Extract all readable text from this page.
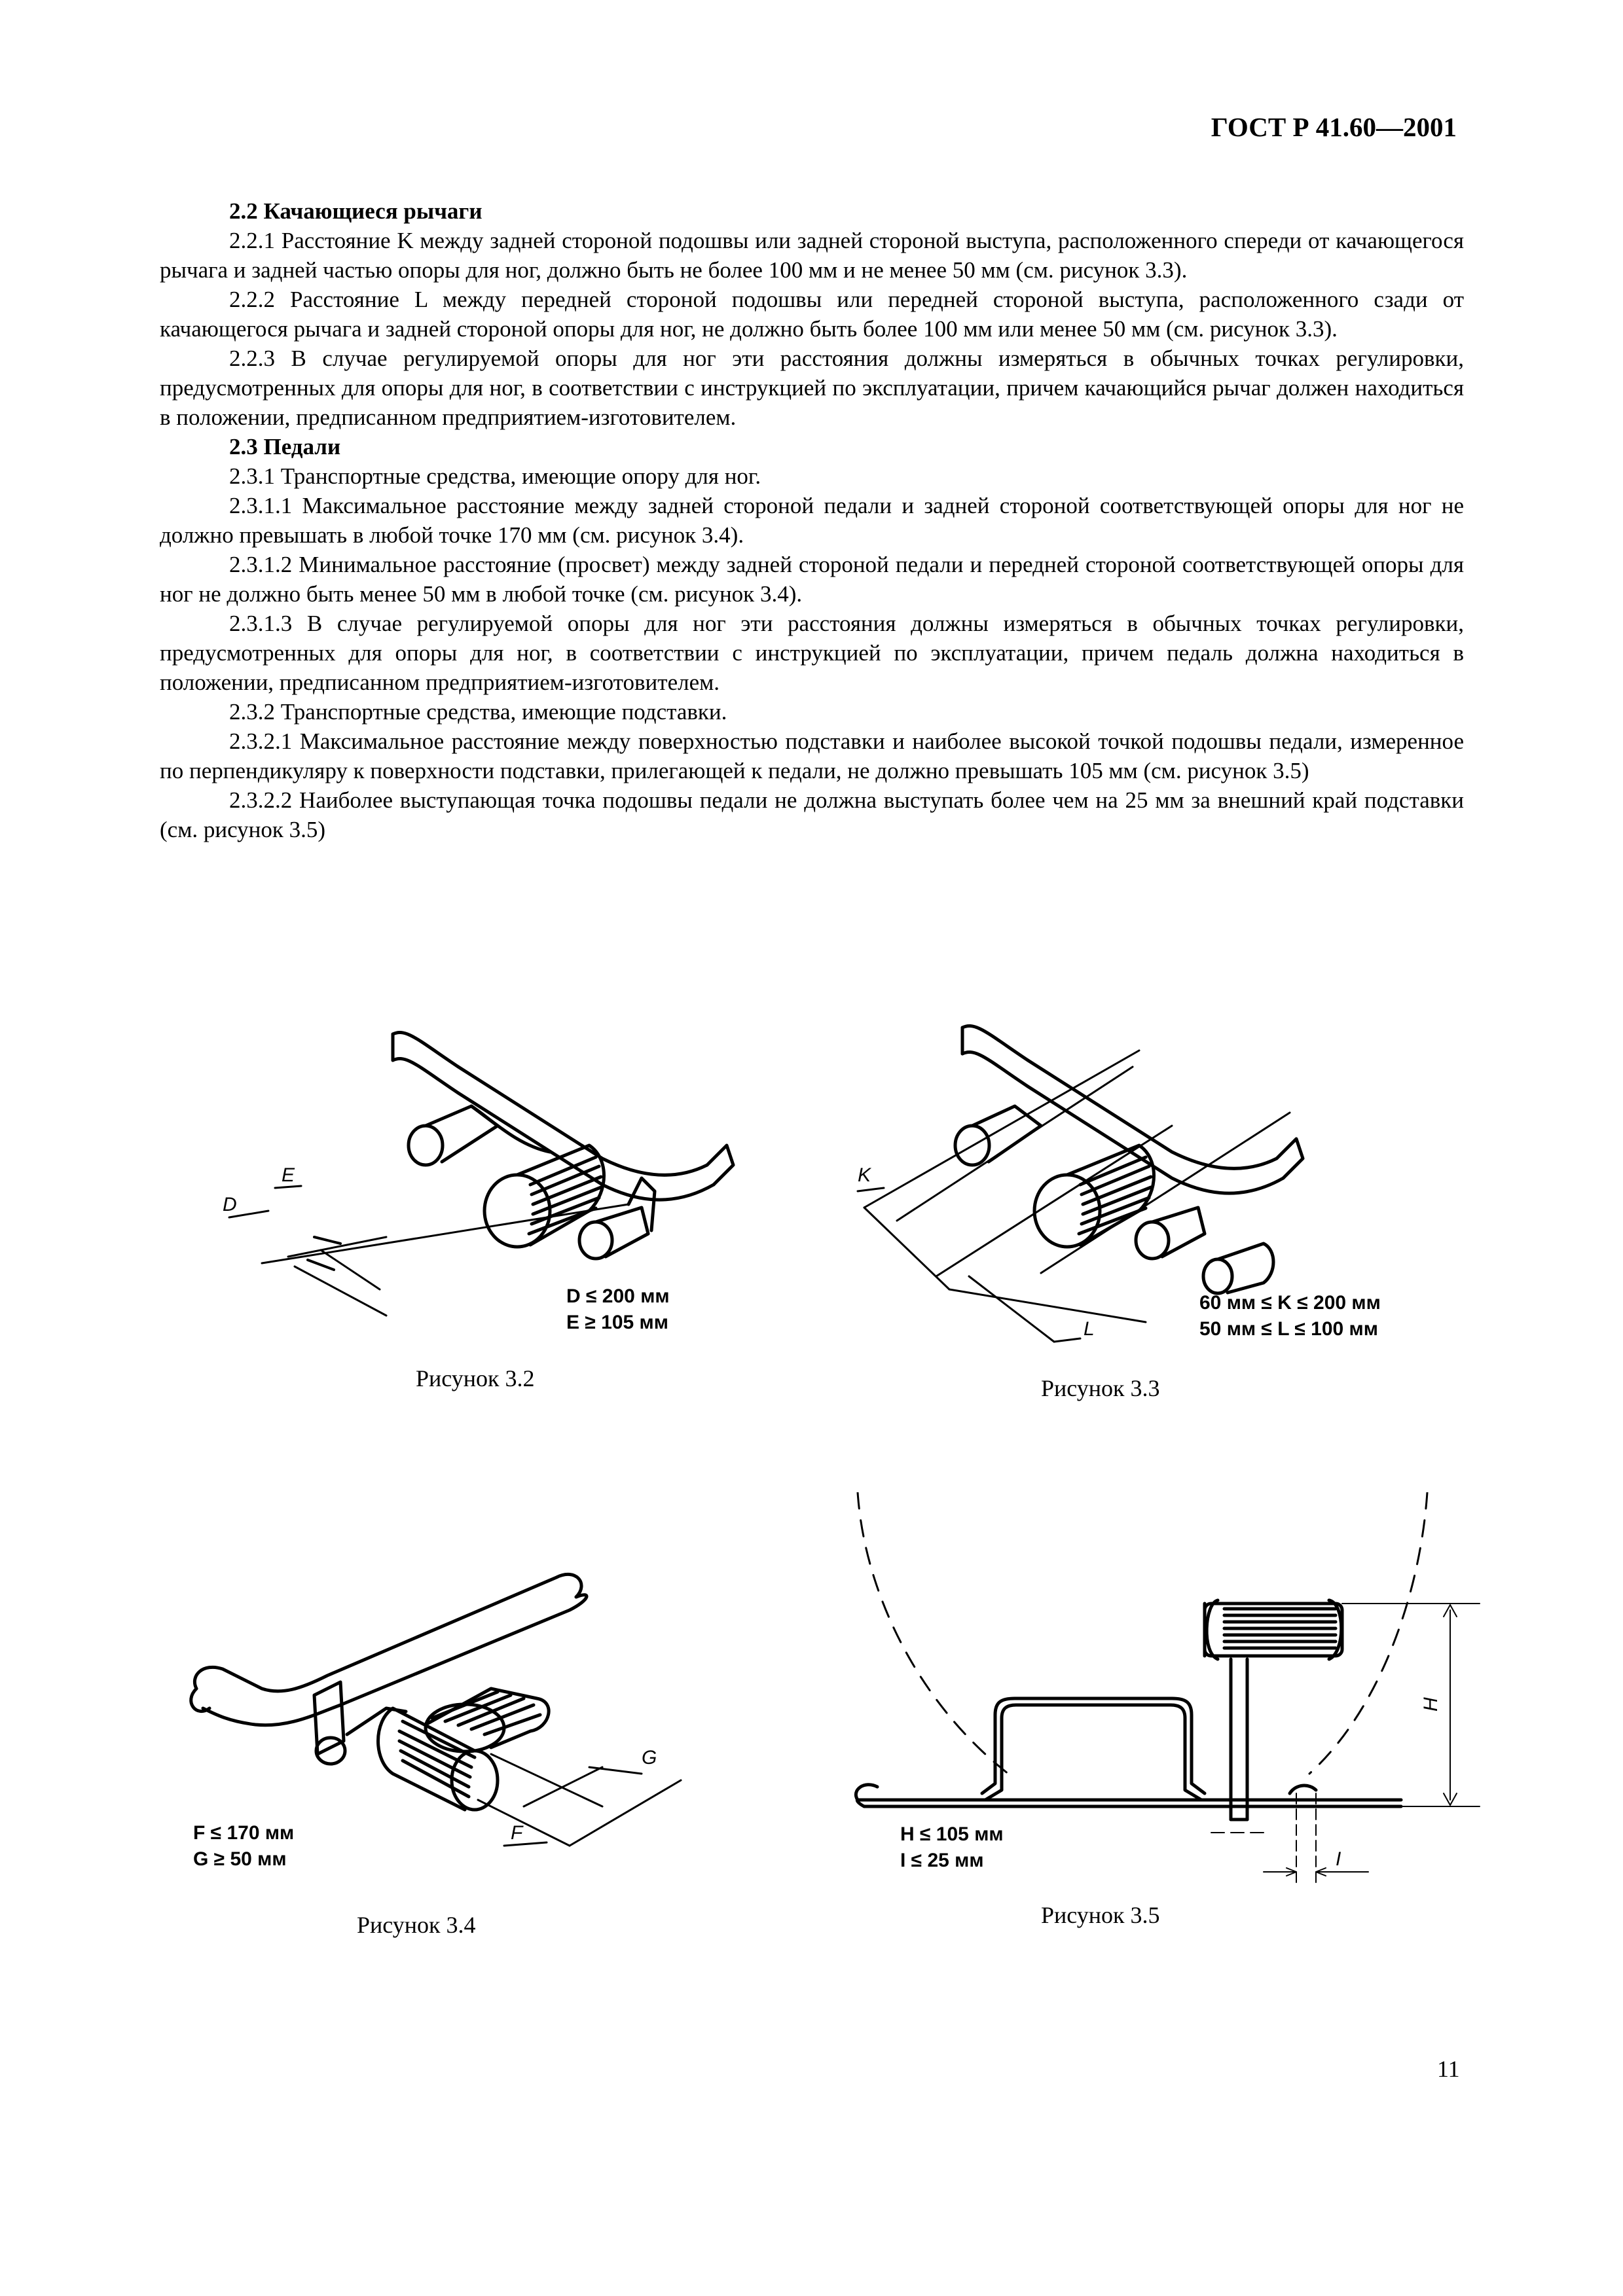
ГОСТ Р 41.60—2001

2.2 Качающиеся рычаги

2.2.1 Расстояние K между задней стороной подошвы или задней стороной выступа, расположенного спереди от качающегося рычага и задней частью опоры для ног, должно быть не более 100 мм и не менее 50 мм (см. рисунок 3.3).

2.2.2 Расстояние L между передней стороной подошвы или передней стороной выступа, расположенного сзади от качающегося рычага и задней стороной опоры для ног, не должно быть более 100 мм или менее 50 мм (см. рисунок 3.3).

2.2.3 В случае регулируемой опоры для ног эти расстояния должны измеряться в обычных точках регулировки, предусмотренных для опоры для ног, в соответствии с инструкцией по эксплуатации, причем качающийся рычаг должен находиться в положении, предписанном предприятием-изготовителем.

2.3 Педали

2.3.1 Транспортные средства, имеющие опору для ног.

2.3.1.1 Максимальное расстояние между задней стороной педали и задней стороной соответствующей опоры для ног не должно превышать в любой точке 170 мм (см. рисунок 3.4).

2.3.1.2 Минимальное расстояние (просвет) между задней стороной педали и передней стороной соответствующей опоры для ног не должно быть менее 50 мм в любой точке (см. рисунок 3.4).

2.3.1.3 В случае регулируемой опоры для ног эти расстояния должны измеряться в обычных точках регулировки, предусмотренных для опоры для ног, в соответствии с инструкцией по эксплуатации, причем педаль должна находиться в положении, предписанном предприятием-изготовителем.

2.3.2 Транспортные средства, имеющие подставки.

2.3.2.1 Максимальное расстояние между поверхностью подставки и наиболее высокой точкой подошвы педали, измеренное по перпендикуляру к поверхности подставки, прилегающей к педали, не должно превышать 105 мм (см. рисунок 3.5)

2.3.2.2 Наиболее выступающая точка подошвы педали не должна выступать более чем на 25 мм за внешний край подставки (см. рисунок 3.5)

E
D
D ≤ 200 мм
E ≥ 105 мм
Рисунок 3.2
K
L
60 мм ≤ K ≤ 200 мм
50 мм ≤ L ≤ 100 мм
Рисунок 3.3
G
F
F ≤ 170 мм
G ≥ 50 мм
Рисунок 3.4
H
I
H ≤ 105 мм
I ≤ 25 мм
Рисунок 3.5
11
